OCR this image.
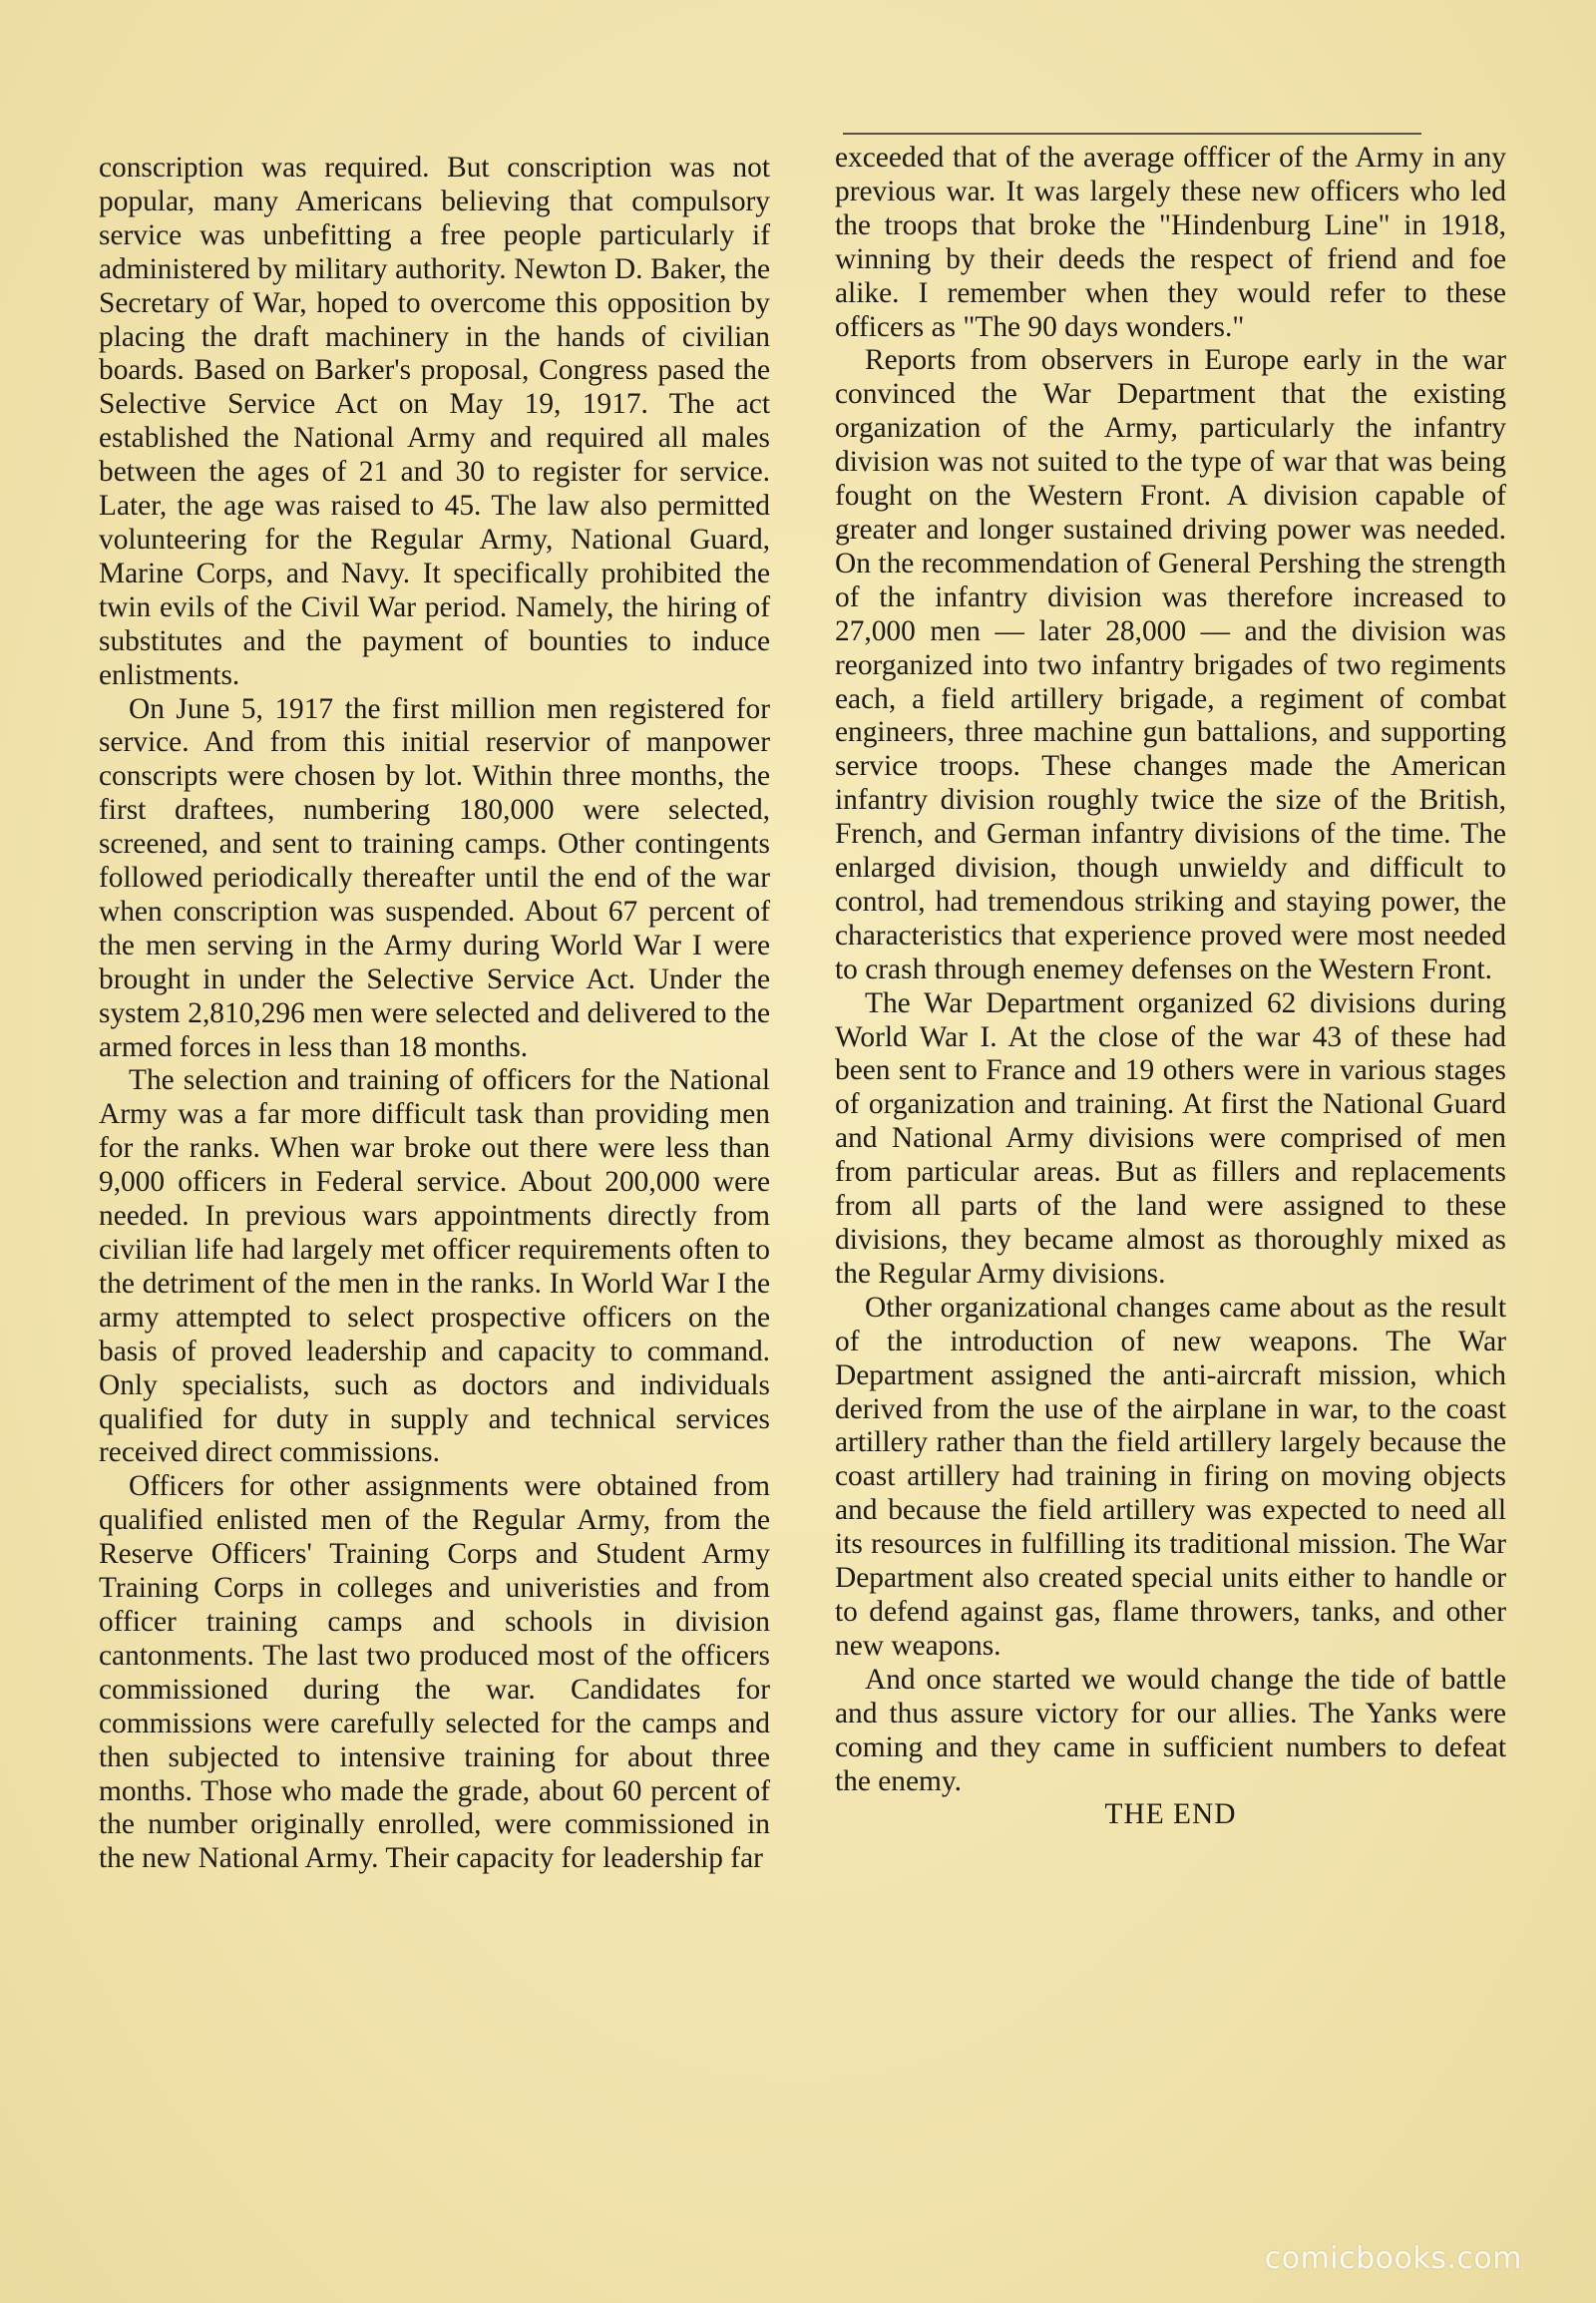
conscription was required. But conscription was not popular, many Americans believing that compulsory service was unbefitting a free people particularly if administered by military authority. Newton D. Baker, the Secretary of War, hoped to overcome this opposition by placing the draft machinery in the hands of civilian boards. Based on Barker's proposal, Congress pased the Selective Service Act on May 19, 1917. The act established the National Army and required all males between the ages of 21 and 30 to register for service. Later, the age was raised to 45. The law also permitted volunteering for the Regular Army, National Guard, Marine Corps, and Navy. It specifically prohibited the twin evils of the Civil War period. Namely, the hiring of substitutes and the payment of bounties to induce enlistments.

On June 5, 1917 the first million men registered for service. And from this initial reservior of manpower conscripts were chosen by lot. Within three months, the first draftees, numbering 180,000 were selected, screened, and sent to training camps. Other contingents followed periodically thereafter until the end of the war when conscription was suspended. About 67 percent of the men serving in the Army during World War I were brought in under the Selective Service Act. Under the system 2,810,296 men were selected and delivered to the armed forces in less than 18 months.

The selection and training of officers for the National Army was a far more difficult task than providing men for the ranks. When war broke out there were less than 9,000 officers in Federal service. About 200,000 were needed. In previous wars appointments directly from civilian life had largely met officer requirements often to the detriment of the men in the ranks. In World War I the army attempted to select prospective officers on the basis of proved leadership and capacity to command. Only specialists, such as doctors and individuals qualified for duty in supply and technical services received direct commissions.

Officers for other assignments were obtained from qualified enlisted men of the Regular Army, from the Reserve Officers' Training Corps and Student Army Training Corps in colleges and univeristies and from officer training camps and schools in division cantonments. The last two produced most of the officers commissioned during the war. Candidates for commissions were carefully selected for the camps and then subjected to intensive training for about three months. Those who made the grade, about 60 percent of the number originally enrolled, were commissioned in the new National Army. Their capacity for leadership far

exceeded that of the average offficer of the Army in any previous war. It was largely these new officers who led the troops that broke the "Hindenburg Line" in 1918, winning by their deeds the respect of friend and foe alike. I remember when they would refer to these officers as "The 90 days wonders."

Reports from observers in Europe early in the war convinced the War Department that the existing organization of the Army, particularly the infantry division was not suited to the type of war that was being fought on the Western Front. A division capable of greater and longer sustained driving power was needed. On the recommendation of General Pershing the strength of the infantry division was therefore increased to 27,000 men — later 28,000 — and the division was reorganized into two infantry brigades of two regiments each, a field artillery brigade, a regiment of combat engineers, three machine gun battalions, and supporting service troops. These changes made the American infantry division roughly twice the size of the British, French, and German infantry divisions of the time. The enlarged division, though unwieldy and difficult to control, had tremendous striking and staying power, the characteristics that experience proved were most needed to crash through enemey defenses on the Western Front.

The War Department organized 62 divisions during World War I. At the close of the war 43 of these had been sent to France and 19 others were in various stages of organization and training. At first the National Guard and National Army divisions were comprised of men from particular areas. But as fillers and replacements from all parts of the land were assigned to these divisions, they became almost as thoroughly mixed as the Regular Army divisions.

Other organizational changes came about as the result of the introduction of new weapons. The War Department assigned the anti-aircraft mission, which derived from the use of the airplane in war, to the coast artillery rather than the field artillery largely because the coast artillery had training in firing on moving objects and because the field artillery was expected to need all its resources in fulfilling its traditional mission. The War Department also created special units either to handle or to defend against gas, flame throwers, tanks, and other new weapons.

And once started we would change the tide of battle and thus assure victory for our allies. The Yanks were coming and they came in sufficient numbers to defeat the enemy.

THE END

comicbooks.com
